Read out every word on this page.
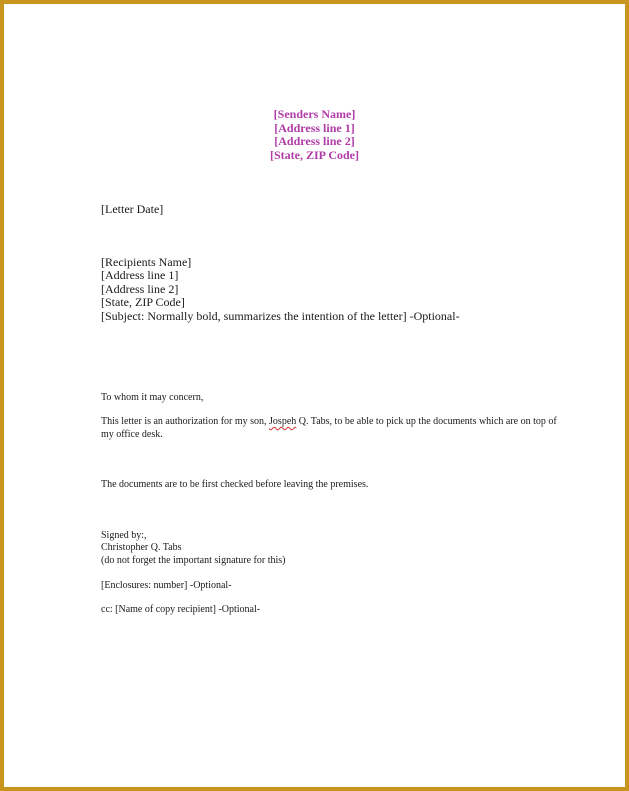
[Senders Name]
[Address line 1]
[Address line 2]
[State, ZIP Code]
[Letter Date]
[Recipients Name]
[Address line 1]
[Address line 2]
[State, ZIP Code]
[Subject: Normally bold, summarizes the intention of the letter] -Optional-
To whom it may concern,
This letter is an authorization for my son, Jospeh Q. Tabs, to be able to pick up the documents which are on top of my office desk.
The documents are to be first checked before leaving the premises.
Signed by:,
Christopher Q. Tabs
(do not forget the important signature for this)
[Enclosures: number] -Optional-
cc: [Name of copy recipient] -Optional-
